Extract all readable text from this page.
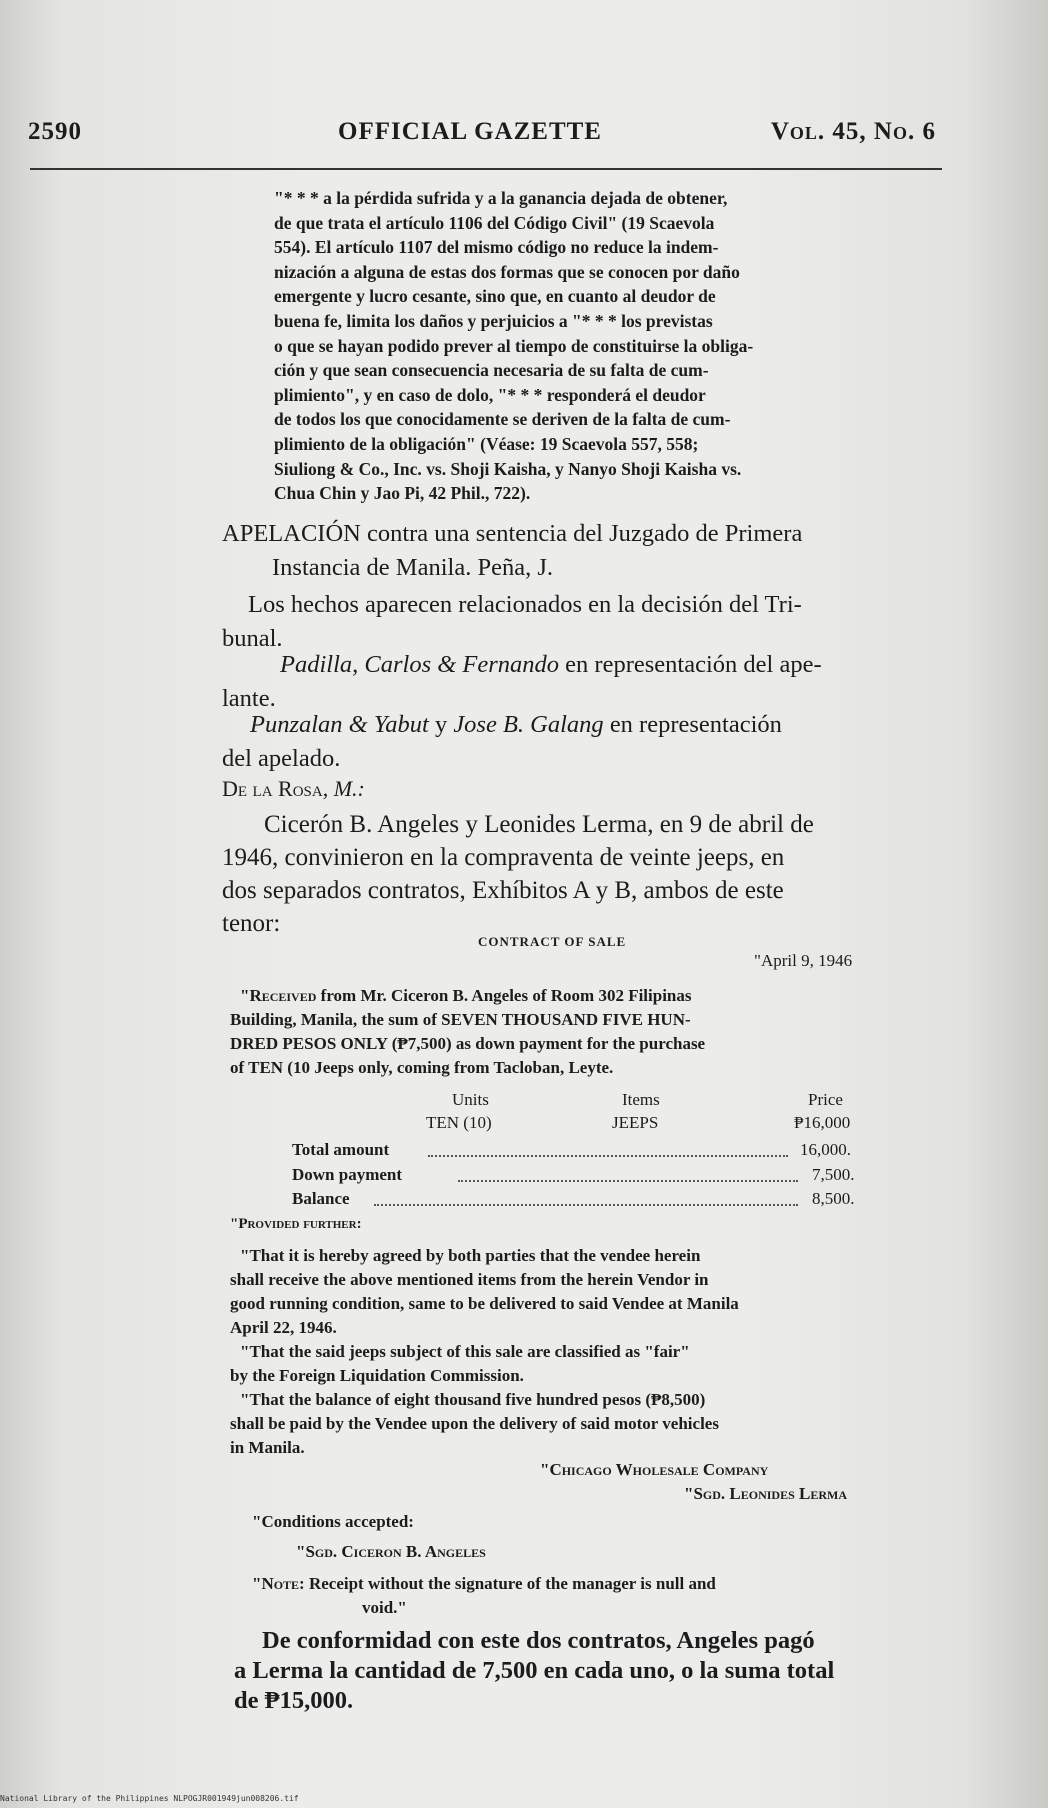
2590	OFFICIAL GAZETTE	Vol. 45, No. 6
"* * * a la pérdida sufrida y a la ganancia dejada de obtener,
de que trata el artículo 1106 del Código Civil" (19 Scaevola
554). El artículo 1107 del mismo código no reduce la indem-
nización a alguna de estas dos formas que se conocen por daño
emergente y lucro cesante, sino que, en cuanto al deudor de
buena fe, limita los daños y perjuicios a "* * * los previstas
o que se hayan podido prever al tiempo de constituirse la obliga-
ción y que sean consecuencia necesaria de su falta de cum-
plimiento", y en caso de dolo, "* * * responderá el deudor
de todos los que conocidamente se deriven de la falta de cum-
plimiento de la obligación" (Véase: 19 Scaevola 557, 558;
Siuliong & Co., Inc. vs. Shoji Kaisha, y Nanyo Shoji Kaisha vs.
Chua Chin y Jao Pi, 42 Phil., 722).
APELACIÓN contra una sentencia del Juzgado de Primera
Instancia de Manila. Peña, J.
Los hechos aparecen relacionados en la decisión del Tri-
bunal.
Padilla, Carlos & Fernando en representación del ape-
lante.
Punzalan & Yabut y Jose B. Galang en representación
del apelado.
De la Rosa, M.:
Cicerón B. Angeles y Leonides Lerma, en 9 de abril de
1946, convinieron en la compraventa de veinte jeeps, en
dos separados contratos, Exhíbitos A y B, ambos de este
tenor:
CONTRACT OF SALE
"April 9, 1946
"Received from Mr. Ciceron B. Angeles of Room 302 Filipinas
Building, Manila, the sum of SEVEN THOUSAND FIVE HUN-
DRED PESOS ONLY (₱7,500) as down payment for the purchase
of TEN (10 Jeeps only, coming from Tacloban, Leyte.
Units	Items	Price
TEN (10)	JEEPS	₱16,000
Total amount	16,000.
Down payment	7,500.
Balance	8,500.
"Provided further:
"That it is hereby agreed by both parties that the vendee herein
shall receive the above mentioned items from the herein Vendor in
good running condition, same to be delivered to said Vendee at Manila
April 22, 1946.
"That the said jeeps subject of this sale are classified as "fair"
by the Foreign Liquidation Commission.
"That the balance of eight thousand five hundred pesos (₱8,500)
shall be paid by the Vendee upon the delivery of said motor vehicles
in Manila.
"Chicago Wholesale Company
"Sgd. Leonides Lerma
"Conditions accepted:
"Sgd. Ciceron B. Angeles
"Note: Receipt without the signature of the manager is null and
void."
De conformidad con este dos contratos, Angeles pagó
a Lerma la cantidad de 7,500 en cada uno, o la suma total
de ₱15,000.
National Library of the Philippines NLPOGJR001949jun008206.tif
